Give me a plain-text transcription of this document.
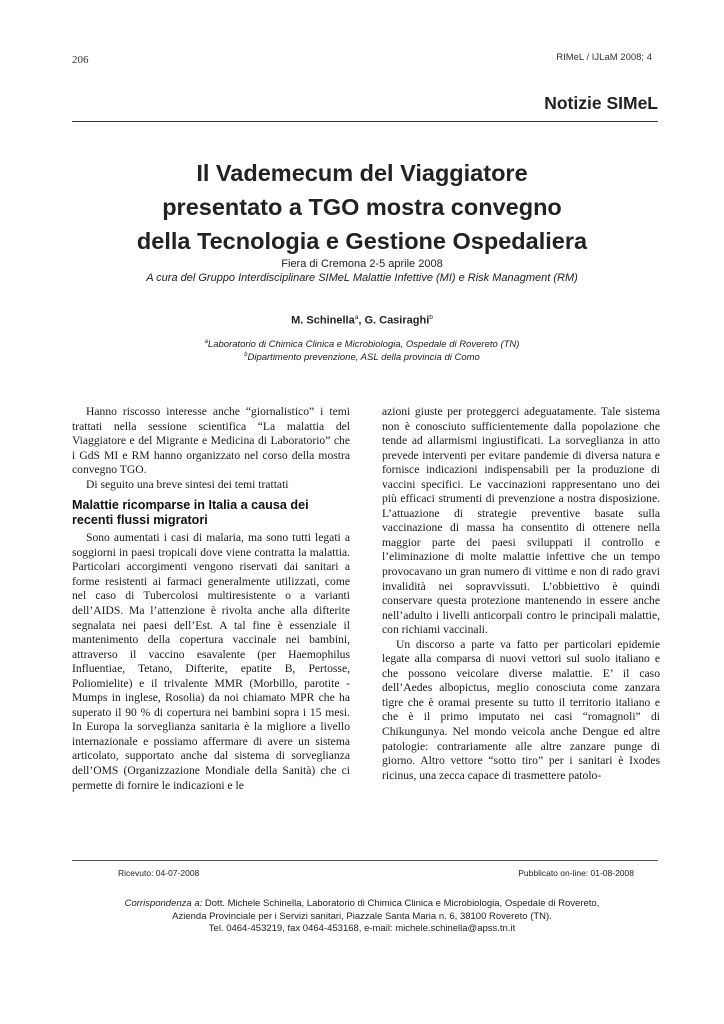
206	RIMeL / IJLaM 2008; 4
Notizie SIMeL
Il Vademecum del Viaggiatore
presentato a TGO mostra convegno
della Tecnologia e Gestione Ospedaliera
Fiera di Cremona 2-5 aprile 2008
A cura del Gruppo Interdisciplinare SIMeL Malattie Infettive (MI) e Risk Managment (RM)
M. Schinella$^a$, G. Casiraghi$^b$
$^a$Laboratorio di Chimica Clinica e Microbiologia, Ospedale di Rovereto (TN)
$^b$Dipartimento prevenzione, ASL della provincia di Como

Hanno riscosso interesse anche “giornalistico” i temi trattati nella sessione scientifica “La malattia del Viaggiatore e del Migrante e Medicina di Laboratorio” che i GdS MI e RM hanno organizzato nel corso della mostra convegno TGO.

Di seguito una breve sintesi dei temi trattati

Malattie ricomparse in Italia a causa dei recenti flussi migratori

Sono aumentati i casi di malaria, ma sono tutti legati a soggiorni in paesi tropicali dove viene contratta la malattia. Particolari accorgimenti vengono riservati dai sanitari a forme resistenti ai farmaci generalmente utilizzati, come nel caso di Tubercolosi multiresistente o a varianti dell’AIDS. Ma l’attenzione è rivolta anche alla difterite segnalata nei paesi dell’Est. A tal fine è essenziale il mantenimento della copertura vaccinale nei bambini, attraverso il vaccino esavalente (per Haemophilus Influentiae, Tetano, Difterite, epatite B, Pertosse, Poliomielite) e il trivalente MMR (Morbillo, parotite - Mumps in inglese, Rosolia) da noi chiamato MPR che ha superato il 90 % di copertura nei bambini sopra i 15 mesi. In Europa la sorveglianza sanitaria è la migliore a livello internazionale e possiamo affermare di avere un sistema articolato, supportato anche dal sistema di sorveglianza dell’OMS (Organizzazione Mondiale della Sanità) che ci permette di fornire le indicazioni e le

azioni giuste per proteggerci adeguatamente. Tale sistema non è conosciuto sufficientemente dalla popolazione che tende ad allarmismi ingiustificati. La sorveglianza in atto prevede interventi per evitare pandemie di diversa natura e fornisce indicazioni indispensabili per la produzione di vaccini specifici. Le vaccinazioni rappresentano uno dei più efficaci strumenti di prevenzione a nostra disposizione. L’attuazione di strategie preventive basate sulla vaccinazione di massa ha consentito di ottenere nella maggior parte dei paesi sviluppati il controllo e l’eliminazione di molte malattie infettive che un tempo provocavano un gran numero di vittime e non di rado gravi invalidità nei sopravvissuti. L’obbiettivo è quindi conservare questa protezione mantenendo in essere anche nell’adulto i livelli anticorpali contro le principali malattie, con richiami vaccinali.

Un discorso a parte va fatto per particolari epidemie legate alla comparsa di nuovi vettori sul suolo italiano e che possono veicolare diverse malattie. E’ il caso dell’Aedes albopictus, meglio conosciuta come zanzara tigre che è oramai presente su tutto il territorio italiano e che è il primo imputato nei casi “romagnoli” di Chikungunya. Nel mondo veicola anche Dengue ed altre patologie: contrariamente alle altre zanzare punge di giorno. Altro vettore “sotto tiro” per i sanitari è Ixodes ricinus, una zecca capace di trasmettere patolo-

Ricevuto: 04-07-2008	Pubblicato on-line: 01-08-2008
Corrispondenza a: Dott. Michele Schinella, Laboratorio di Chimica Clinica e Microbiologia, Ospedale di Rovereto,
Azienda Provinciale per i Servizi sanitari, Piazzale Santa Maria n. 6, 38100 Rovereto (TN).
Tel. 0464-453219, fax 0464-453168, e-mail: michele.schinella@apss.tn.it
